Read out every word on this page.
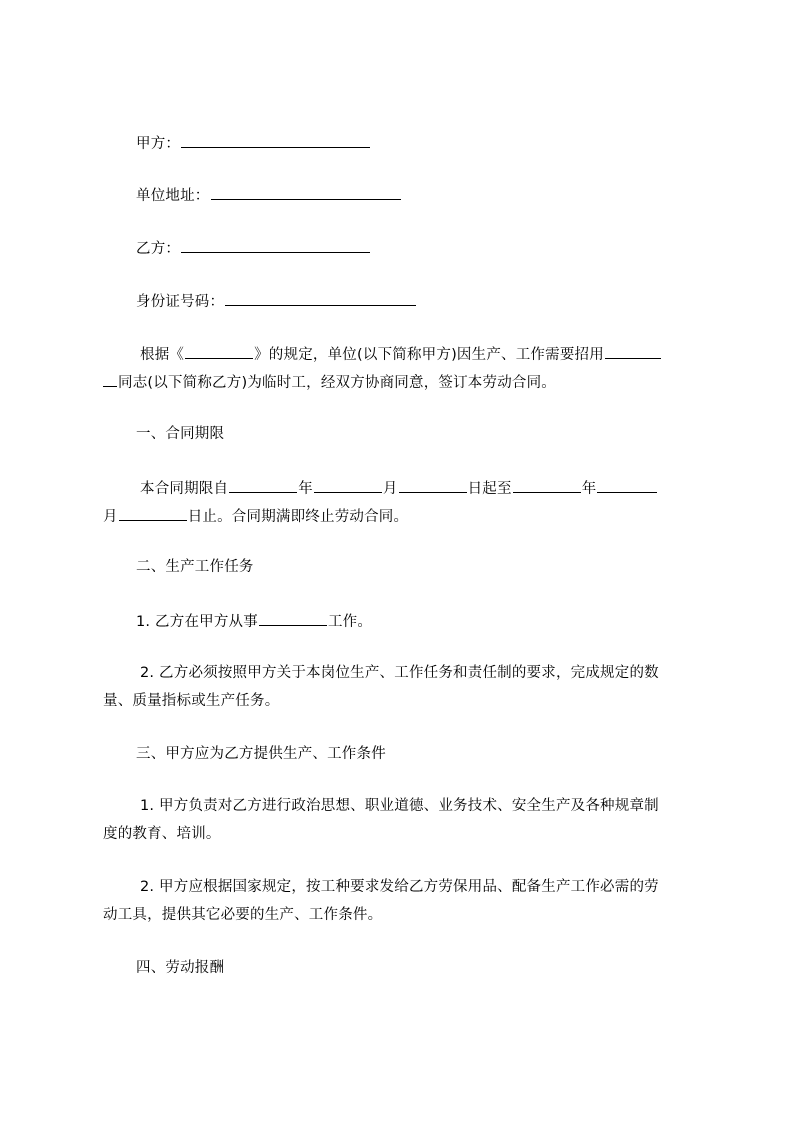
甲方：
单位地址：
乙方：
身份证号码：
根据《	》的规定，单位(以下简称甲方)因生产、工作需要招用
同志(以下简称乙方)为临时工，经双方协商同意，签订本劳动合同。
一、合同期限
本合同期限自	年	月	日起至	年
月	日止。合同期满即终止劳动合同。
二、生产工作任务
1. 乙方在甲方从事	工作。
2. 乙方必须按照甲方关于本岗位生产、工作任务和责任制的要求，完成规定的数
量、质量指标或生产任务。
三、甲方应为乙方提供生产、工作条件
1. 甲方负责对乙方进行政治思想、职业道德、业务技术、安全生产及各种规章制
度的教育、培训。
2. 甲方应根据国家规定，按工种要求发给乙方劳保用品、配备生产工作必需的劳
动工具，提供其它必要的生产、工作条件。
四、劳动报酬
